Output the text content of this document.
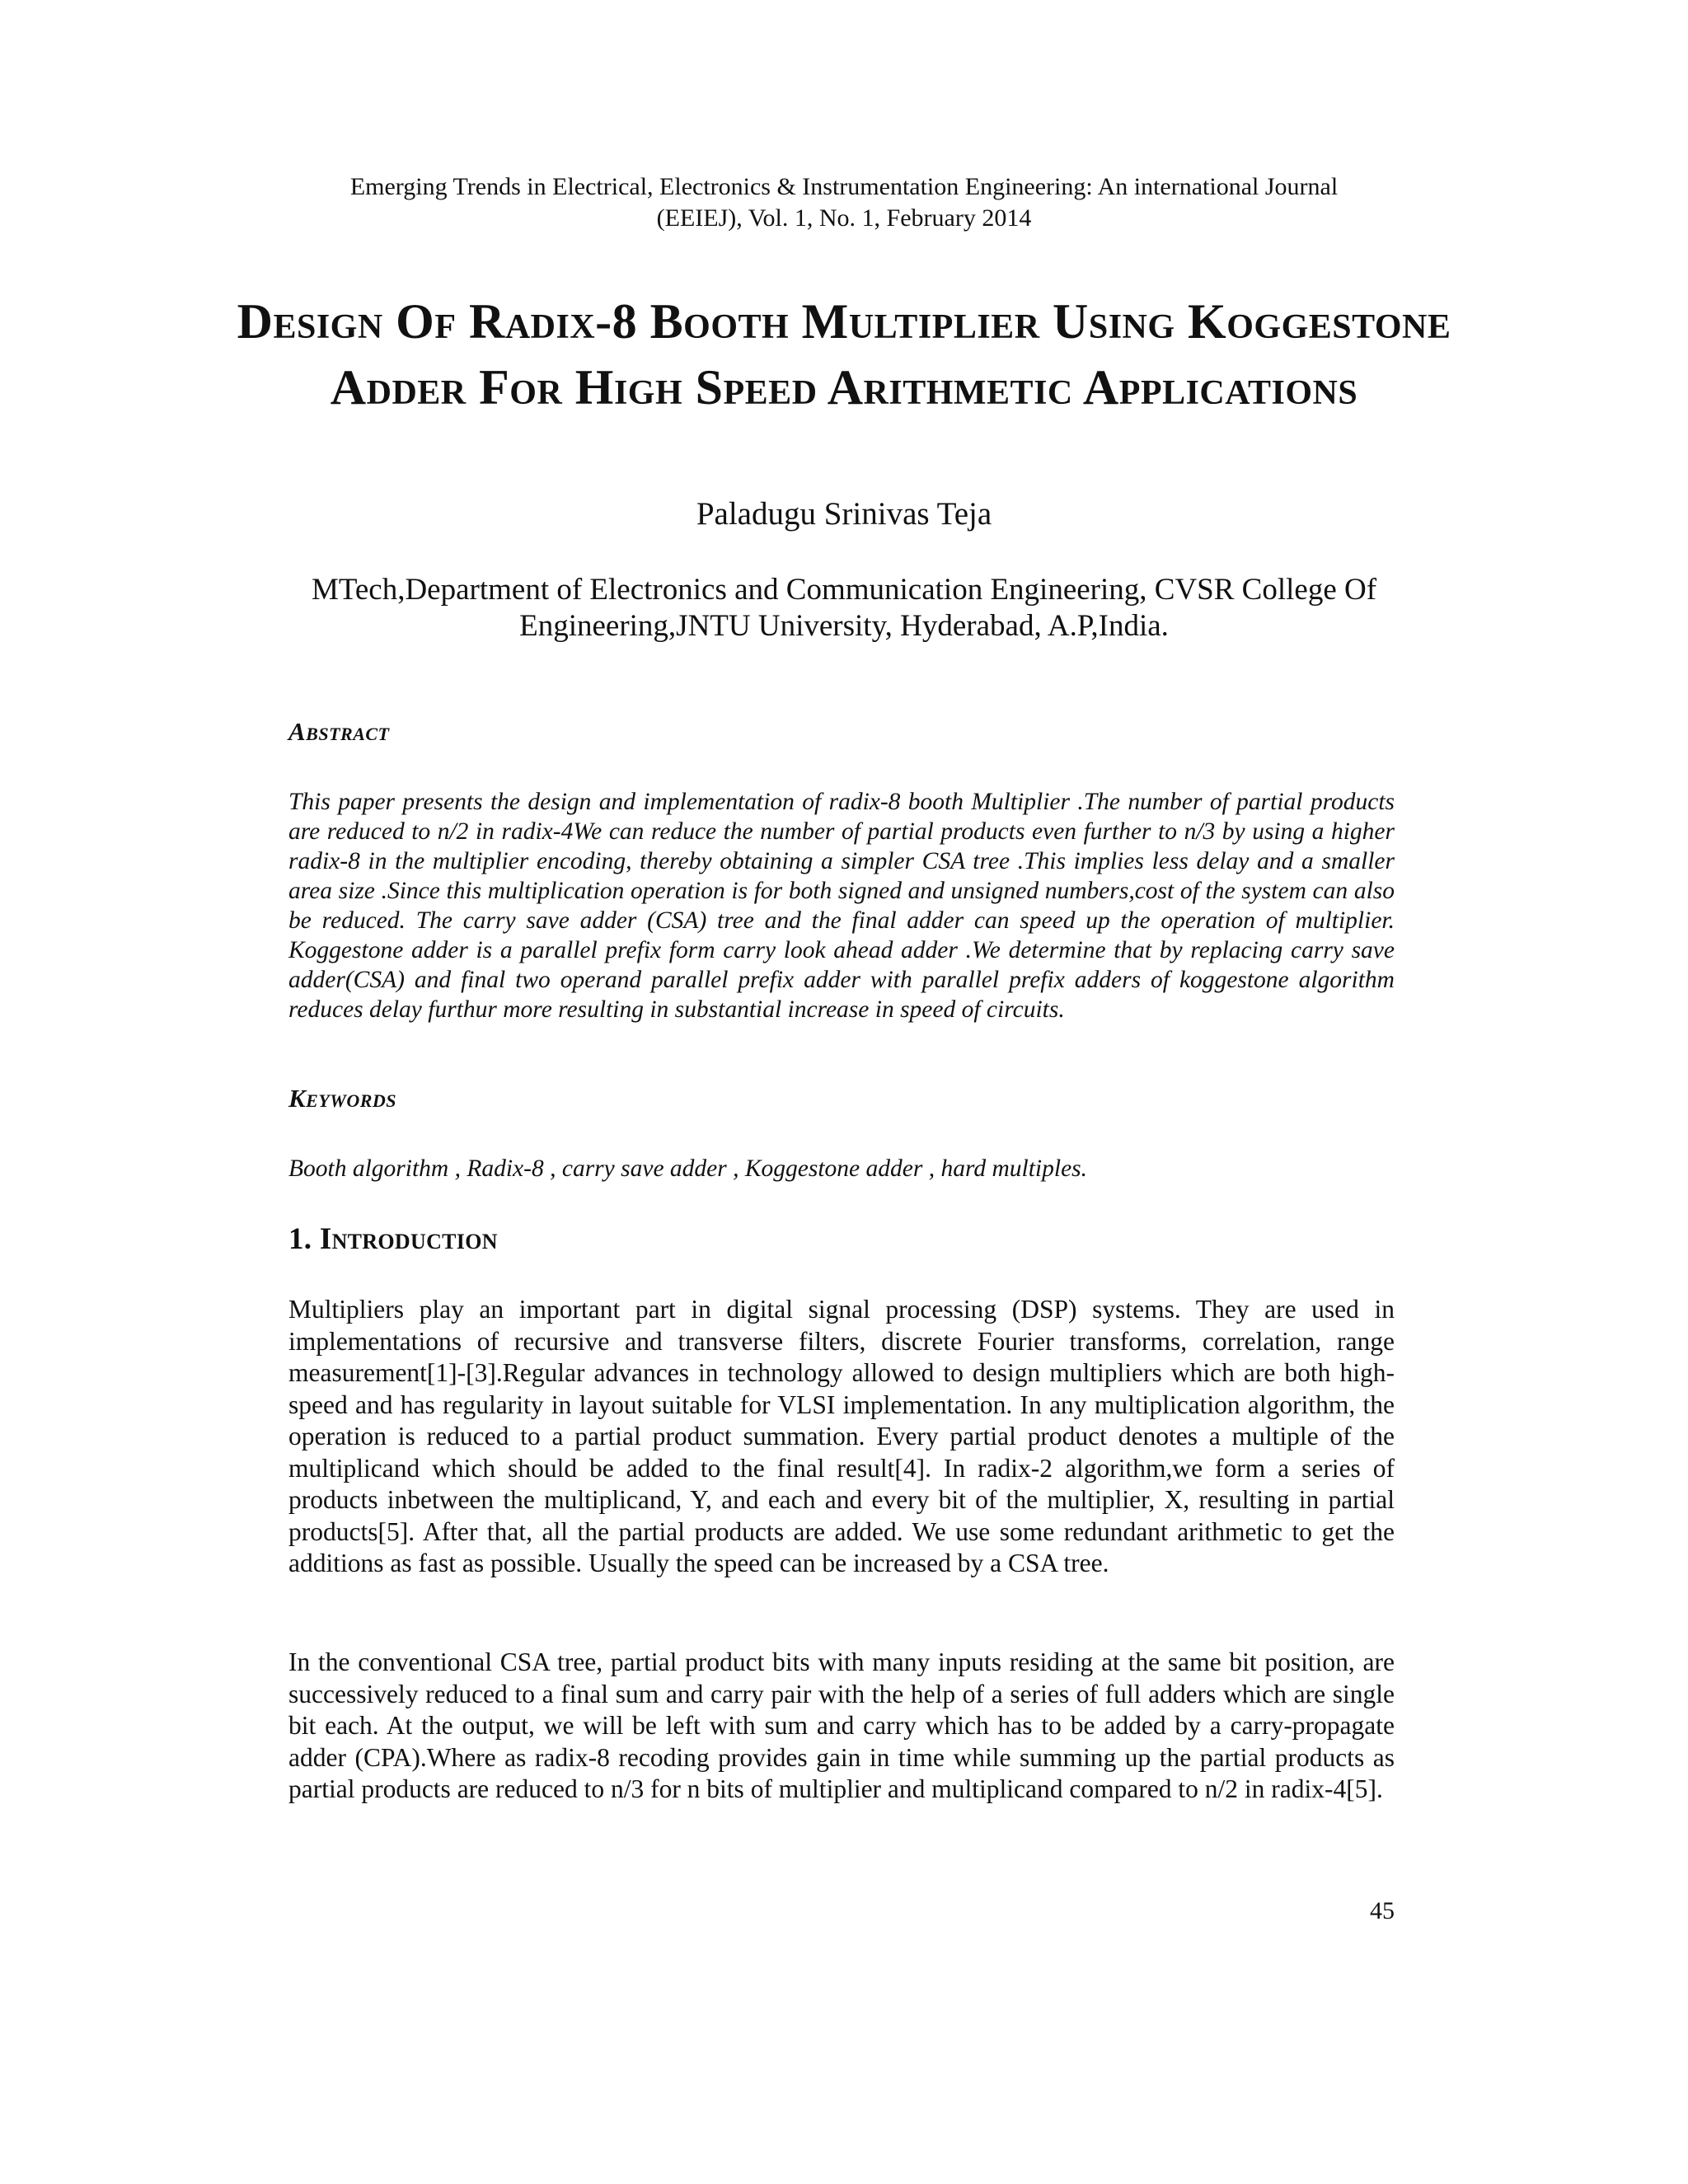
Emerging Trends in Electrical, Electronics & Instrumentation Engineering: An international Journal
(EEIEJ), Vol. 1, No. 1, February 2014
Design Of Radix-8 Booth Multiplier Using Koggestone Adder For High Speed Arithmetic Applications
Paladugu Srinivas Teja
MTech,Department of Electronics and Communication Engineering, CVSR College Of Engineering,JNTU University, Hyderabad, A.P,India.
Abstract
This paper presents the design and implementation of radix-8 booth Multiplier .The number of partial products are reduced to n/2 in radix-4We can reduce the number of partial products even further to n/3 by using a higher radix-8 in the multiplier encoding, thereby obtaining a simpler CSA tree .This implies less delay and a smaller area size .Since this multiplication operation is for both signed and unsigned numbers,cost of the system can also be reduced. The carry save adder (CSA) tree and the final adder can speed up the operation of multiplier. Koggestone adder is a parallel prefix form carry look ahead adder .We determine that by replacing carry save adder(CSA) and final two operand parallel prefix adder with parallel prefix adders of koggestone algorithm reduces delay furthur more resulting in substantial increase in speed of circuits.
Keywords
Booth algorithm , Radix-8 , carry save adder , Koggestone adder , hard multiples.
1. Introduction
Multipliers play an important part in digital signal processing (DSP) systems. They are used in implementations of recursive and transverse filters, discrete Fourier transforms, correlation, range measurement[1]-[3].Regular advances in technology allowed to design multipliers which are both high-speed and has regularity in layout suitable for VLSI implementation. In any multiplication algorithm, the operation is reduced to a partial product summation. Every partial product denotes a multiple of the multiplicand which should be added to the final result[4]. In radix-2 algorithm,we form a series of products inbetween the multiplicand, Y, and each and every bit of the multiplier, X, resulting in partial products[5]. After that, all the partial products are added. We use some redundant arithmetic to get the additions as fast as possible. Usually the speed can be increased by a CSA tree.
In the conventional CSA tree, partial product bits with many inputs residing at the same bit position, are successively reduced to a final sum and carry pair with the help of a series of full adders which are single bit each. At the output, we will be left with sum and carry which has to be added by a carry-propagate adder (CPA).Where as radix-8 recoding provides gain in time while summing up the partial products as partial products are reduced to n/3 for n bits of multiplier and multiplicand compared to n/2 in radix-4[5].
45
